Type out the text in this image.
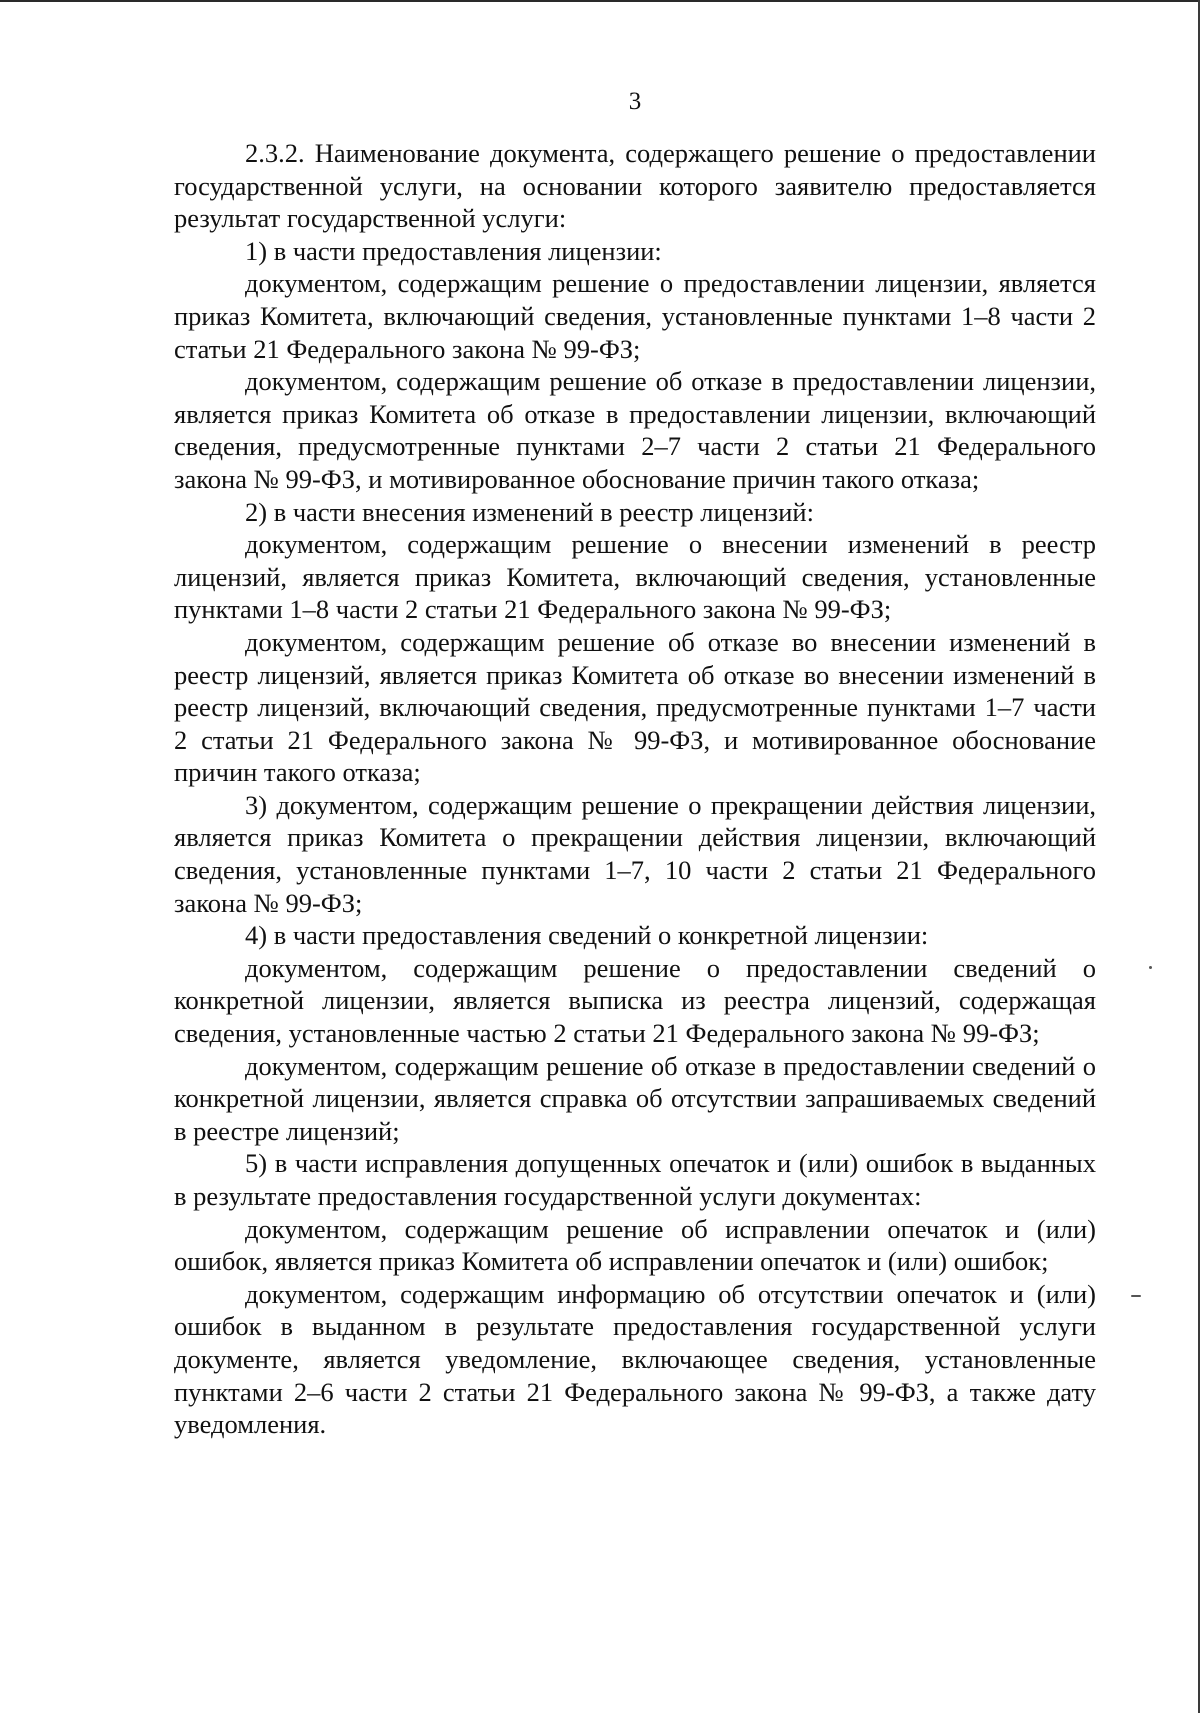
3

2.3.2. Наименование документа, содержащего решение о предоставлении государственной услуги, на основании которого заявителю предоставляется результат государственной услуги:

1) в части предоставления лицензии:

документом, содержащим решение о предоставлении лицензии, является приказ Комитета, включающий сведения, установленные пунктами 1–8 части 2 статьи 21 Федерального закона № 99-ФЗ;

документом, содержащим решение об отказе в предоставлении лицензии, является приказ Комитета об отказе в предоставлении лицензии, включающий сведения, предусмотренные пунктами 2–7 части 2 статьи 21 Федерального закона № 99-ФЗ, и мотивированное обоснование причин такого отказа;

2) в части внесения изменений в реестр лицензий:

документом, содержащим решение о внесении изменений в реестр лицензий, является приказ Комитета, включающий сведения, установленные пунктами 1–8 части 2 статьи 21 Федерального закона № 99-ФЗ;

документом, содержащим решение об отказе во внесении изменений в реестр лицензий, является приказ Комитета об отказе во внесении изменений в реестр лицензий, включающий сведения, предусмотренные пунктами 1–7 части 2 статьи 21 Федерального закона № 99-ФЗ, и мотивированное обоснование причин такого отказа;

3) документом, содержащим решение о прекращении действия лицензии, является приказ Комитета о прекращении действия лицензии, включающий сведения, установленные пунктами 1–7, 10 части 2 статьи 21 Федерального закона № 99-ФЗ;

4) в части предоставления сведений о конкретной лицензии:

документом, содержащим решение о предоставлении сведений о конкретной лицензии, является выписка из реестра лицензий, содержащая сведения, установленные частью 2 статьи 21 Федерального закона № 99-ФЗ;

документом, содержащим решение об отказе в предоставлении сведений о конкретной лицензии, является справка об отсутствии запрашиваемых сведений в реестре лицензий;

5) в части исправления допущенных опечаток и (или) ошибок в выданных в результате предоставления государственной услуги документах:

документом, содержащим решение об исправлении опечаток и (или) ошибок, является приказ Комитета об исправлении опечаток и (или) ошибок;

документом, содержащим информацию об отсутствии опечаток и (или) ошибок в выданном в результате предоставления государственной услуги документе, является уведомление, включающее сведения, установленные пунктами 2–6 части 2 статьи 21 Федерального закона № 99-ФЗ, а также дату уведомления.
